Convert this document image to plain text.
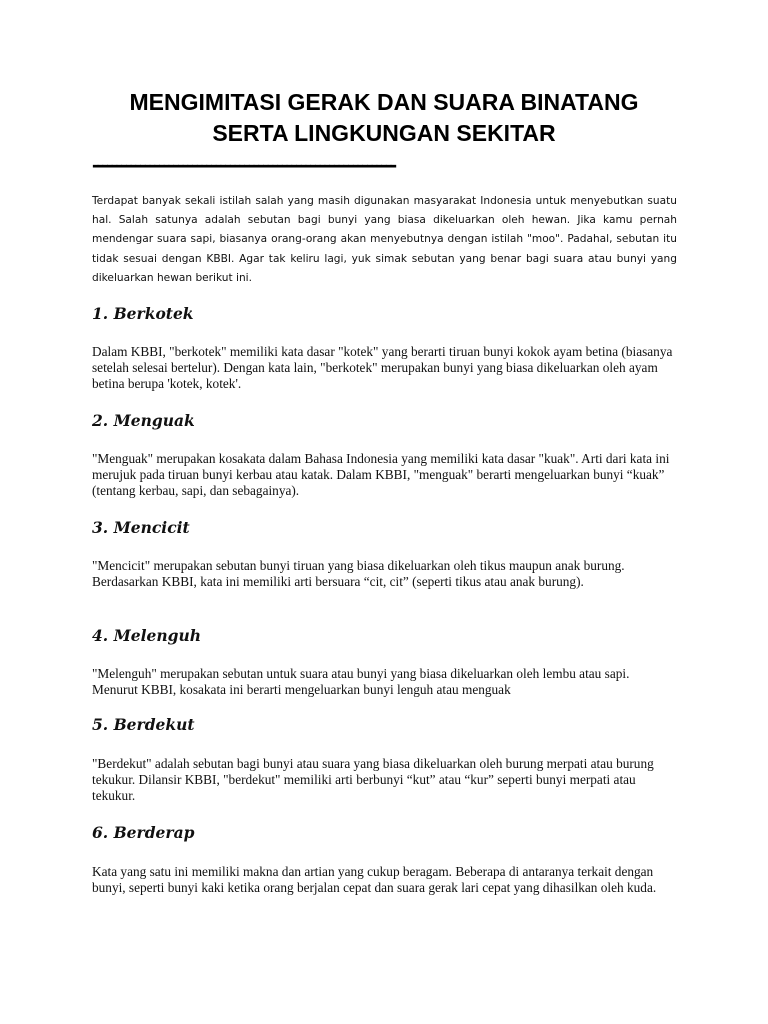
MENGIMITASI GERAK DAN SUARA BINATANG
SERTA LINGKUNGAN SEKITAR
----------------------------------------------------------------

Terdapat banyak sekali istilah salah yang masih digunakan masyarakat Indonesia untuk menyebutkan suatu hal. Salah satunya adalah sebutan bagi bunyi yang biasa dikeluarkan oleh hewan. Jika kamu pernah mendengar suara sapi, biasanya orang-orang akan menyebutnya dengan istilah "moo". Padahal, sebutan itu tidak sesuai dengan KBBI. Agar tak keliru lagi, yuk simak sebutan yang benar bagi suara atau bunyi yang dikeluarkan hewan berikut ini.

1. Berkotek

Dalam KBBI, "berkotek" memiliki kata dasar "kotek" yang berarti tiruan bunyi kokok ayam betina (biasanya setelah selesai bertelur). Dengan kata lain, "berkotek" merupakan bunyi yang biasa dikeluarkan oleh ayam betina berupa 'kotek, kotek'.

2. Menguak

"Menguak" merupakan kosakata dalam Bahasa Indonesia yang memiliki kata dasar "kuak". Arti dari kata ini merujuk pada tiruan bunyi kerbau atau katak. Dalam KBBI, "menguak" berarti mengeluarkan bunyi “kuak” (tentang kerbau, sapi, dan sebagainya).

3. Mencicit

"Mencicit" merupakan sebutan bunyi tiruan yang biasa dikeluarkan oleh tikus maupun anak burung. Berdasarkan KBBI, kata ini memiliki arti bersuara “cit, cit” (seperti tikus atau anak burung).

4. Melenguh

"Melenguh" merupakan sebutan untuk suara atau bunyi yang biasa dikeluarkan oleh lembu atau sapi. Menurut KBBI, kosakata ini berarti mengeluarkan bunyi lenguh atau menguak

5. Berdekut

"Berdekut" adalah sebutan bagi bunyi atau suara yang biasa dikeluarkan oleh burung merpati atau burung tekukur. Dilansir KBBI, "berdekut" memiliki arti berbunyi “kut” atau “kur” seperti bunyi merpati atau tekukur.

6. Berderap

Kata yang satu ini memiliki makna dan artian yang cukup beragam. Beberapa di antaranya terkait dengan bunyi, seperti bunyi kaki ketika orang berjalan cepat dan suara gerak lari cepat yang dihasilkan oleh kuda.
